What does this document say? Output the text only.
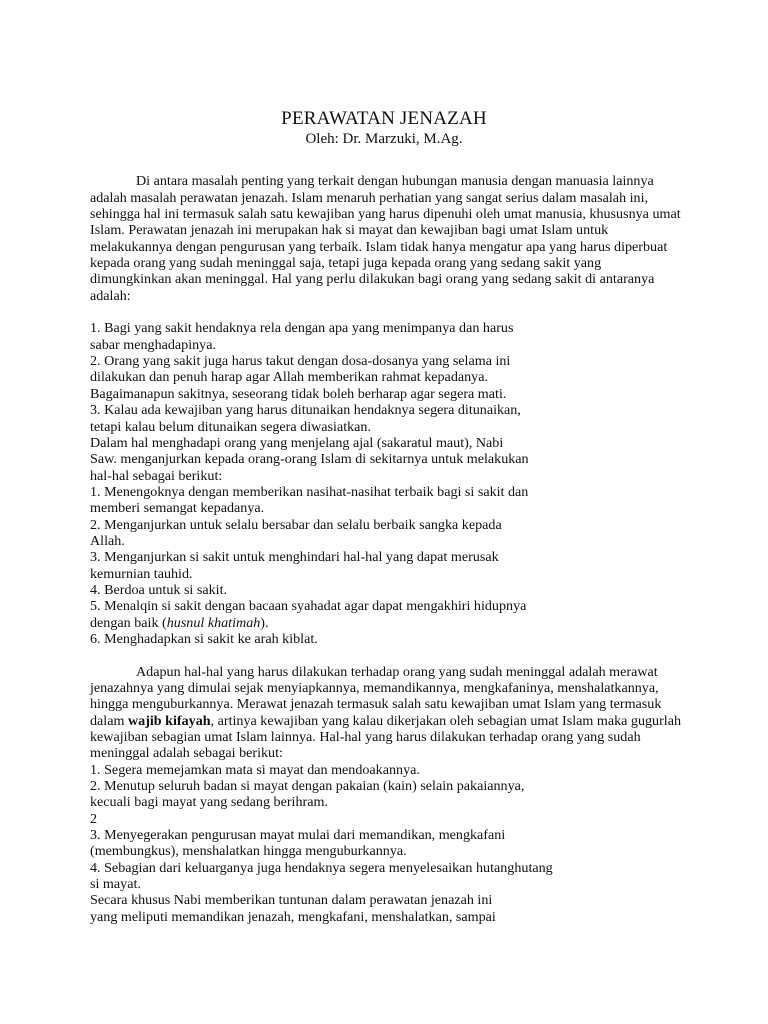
PERAWATAN JENAZAH
Oleh: Dr. Marzuki, M.Ag.
Di antara masalah penting yang terkait dengan hubungan manusia dengan manuasia lainnya
adalah masalah perawatan jenazah. Islam menaruh perhatian yang sangat serius dalam masalah ini,
sehingga hal ini termasuk salah satu kewajiban yang harus dipenuhi oleh umat manusia, khususnya umat
Islam. Perawatan jenazah ini merupakan hak si mayat dan kewajiban bagi umat Islam untuk
melakukannya dengan pengurusan yang terbaik. Islam tidak hanya mengatur apa yang harus diperbuat
kepada orang yang sudah meninggal saja, tetapi juga kepada orang yang sedang sakit yang
dimungkinkan akan meninggal. Hal yang perlu dilakukan bagi orang yang sedang sakit di antaranya
adalah:
1. Bagi yang sakit hendaknya rela dengan apa yang menimpanya dan harus
sabar menghadapinya.
2. Orang yang sakit juga harus takut dengan dosa-dosanya yang selama ini
dilakukan dan penuh harap agar Allah memberikan rahmat kepadanya.
Bagaimanapun sakitnya, seseorang tidak boleh berharap agar segera mati.
3. Kalau ada kewajiban yang harus ditunaikan hendaknya segera ditunaikan,
tetapi kalau belum ditunaikan segera diwasiatkan.
Dalam hal menghadapi orang yang menjelang ajal (sakaratul maut), Nabi
Saw. menganjurkan kepada orang-orang Islam di sekitarnya untuk melakukan
hal-hal sebagai berikut:
1. Menengoknya dengan memberikan nasihat-nasihat terbaik bagi si sakit dan
memberi semangat kepadanya.
2. Menganjurkan untuk selalu bersabar dan selalu berbaik sangka kepada
Allah.
3. Menganjurkan si sakit untuk menghindari hal-hal yang dapat merusak
kemurnian tauhid.
4. Berdoa untuk si sakit.
5. Menalqin si sakit dengan bacaan syahadat agar dapat mengakhiri hidupnya
dengan baik (husnul khatimah).
6. Menghadapkan si sakit ke arah kiblat.
Adapun hal-hal yang harus dilakukan terhadap orang yang sudah meninggal adalah merawat
jenazahnya yang dimulai sejak menyiapkannya, memandikannya, mengkafaninya, menshalatkannya,
hingga menguburkannya. Merawat jenazah termasuk salah satu kewajiban umat Islam yang termasuk
dalam wajib kifayah, artinya kewajiban yang kalau dikerjakan oleh sebagian umat Islam maka gugurlah
kewajiban sebagian umat Islam lainnya. Hal-hal yang harus dilakukan terhadap orang yang sudah
meninggal adalah sebagai berikut:
1. Segera memejamkan mata si mayat dan mendoakannya.
2. Menutup seluruh badan si mayat dengan pakaian (kain) selain pakaiannya,
kecuali bagi mayat yang sedang berihram.
2
3. Menyegerakan pengurusan mayat mulai dari memandikan, mengkafani
(membungkus), menshalatkan hingga menguburkannya.
4. Sebagian dari keluarganya juga hendaknya segera menyelesaikan hutanghutang
si mayat.
Secara khusus Nabi memberikan tuntunan dalam perawatan jenazah ini
yang meliputi memandikan jenazah, mengkafani, menshalatkan, sampai
